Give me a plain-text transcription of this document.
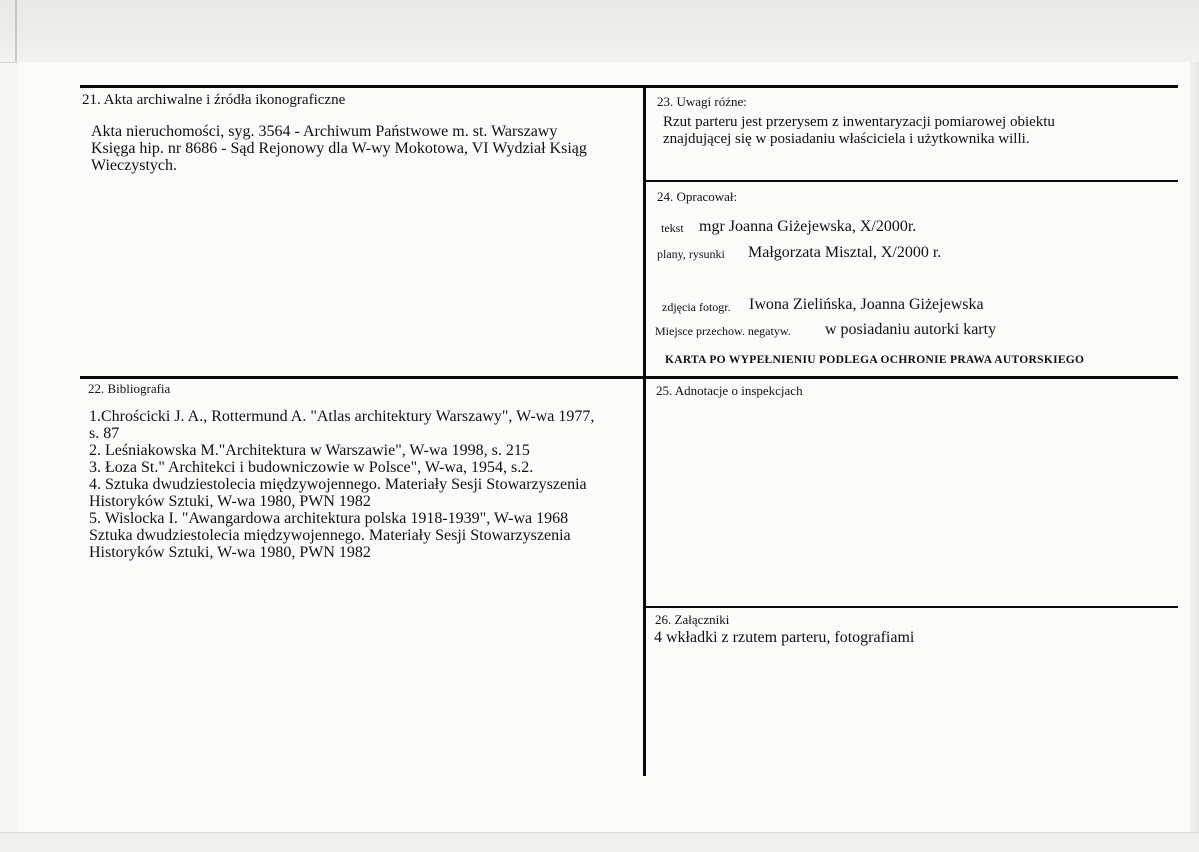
21. Akta archiwalne i źródła ikonograficzne
Akta nieruchomości, syg. 3564 - Archiwum Państwowe m. st. Warszawy
Księga hip. nr 8686 - Sąd Rejonowy dla W-wy Mokotowa, VI Wydział Ksiąg
Wieczystych.
22. Bibliografia
1.Chrościcki J. A., Rottermund A. "Atlas architektury Warszawy", W-wa 1977,
s. 87
2. Leśniakowska M."Architektura w Warszawie", W-wa 1998, s. 215
3. Łoza St." Architekci i budowniczowie w Polsce", W-wa, 1954, s.2.
4. Sztuka dwudziestolecia międzywojennego. Materiały Sesji Stowarzyszenia
Historyków Sztuki, W-wa 1980, PWN 1982
5. Wislocka I. "Awangardowa architektura polska 1918-1939", W-wa 1968
Sztuka dwudziestolecia międzywojennego. Materiały Sesji Stowarzyszenia
Historyków Sztuki, W-wa 1980, PWN 1982
23. Uwagi różne:
Rzut parteru jest przerysem z inwentaryzacji pomiarowej obiektu
znajdującej się w posiadaniu właściciela i użytkownika willi.
24. Opracował:
tekst mgr Joanna Giżejewska, X/2000r.
plany, rysunki Małgorzata Misztal, X/2000 r.
zdjęcia fotogr. Iwona Zielińska, Joanna Giżejewska
Miejsce przechow. negatyw. w posiadaniu autorki karty
KARTA PO WYPEŁNIENIU PODLEGA OCHRONIE PRAWA AUTORSKIEGO
25. Adnotacje o inspekcjach
26. Załączniki
4 wkładki z rzutem parteru, fotografiami
